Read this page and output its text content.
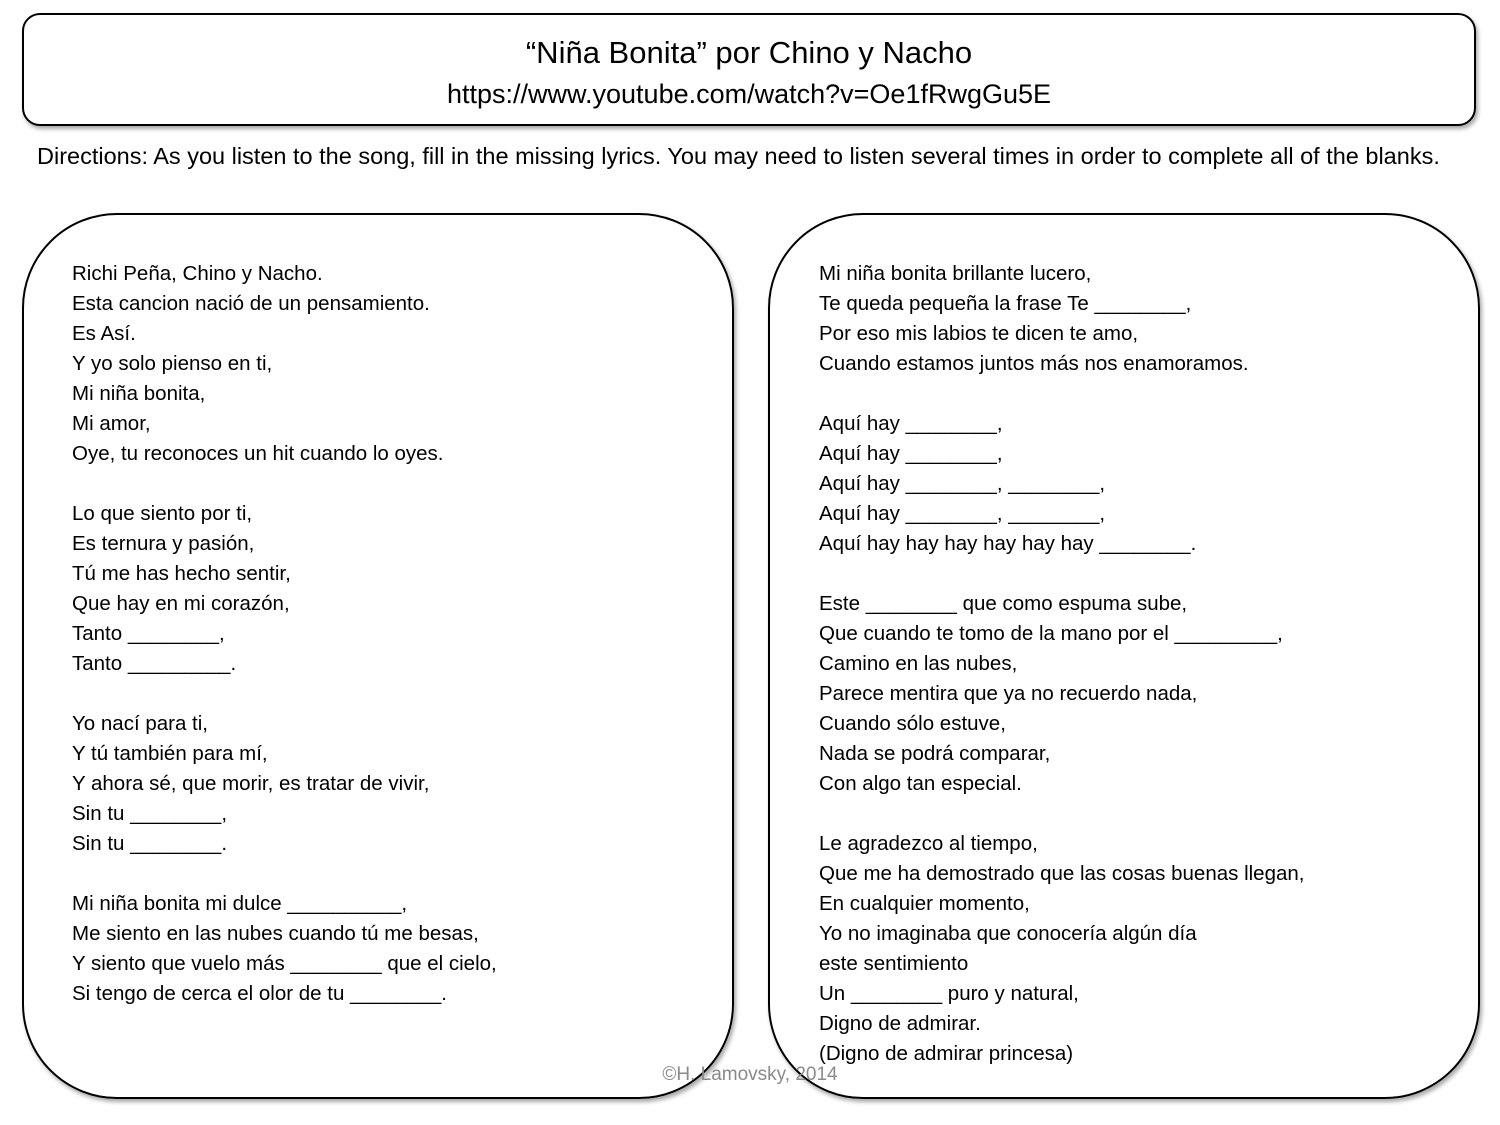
“Niña Bonita” por Chino y Nacho
https://www.youtube.com/watch?v=Oe1fRwgGu5E
Directions: As you listen to the song, fill in the missing lyrics. You may need to listen several times in order to complete all of the blanks.
Richi Peña, Chino y Nacho.
Esta cancion nació de un pensamiento.
Es Así.
Y yo solo pienso en ti,
Mi niña bonita,
Mi amor,
Oye, tu reconoces un hit cuando lo oyes.
Lo que siento por ti,
Es ternura y pasión,
Tú me has hecho sentir,
Que hay en mi corazón,
Tanto ________,
Tanto _________.
Yo nací para ti,
Y tú también para mí,
Y ahora sé, que morir, es tratar de vivir,
Sin tu ________,
Sin tu ________.
Mi niña bonita mi dulce __________,
Me siento en las nubes cuando tú me besas,
Y siento que vuelo más ________ que el cielo,
Si tengo de cerca el olor de tu ________.
Mi niña bonita brillante lucero,
Te queda pequeña la frase Te ________,
Por eso mis labios te dicen te amo,
Cuando estamos juntos más nos enamoramos.
Aquí hay ________,
Aquí hay ________,
Aquí hay ________, ________,
Aquí hay ________, ________,
Aquí hay hay hay hay hay hay ________.
Este ________ que como espuma sube,
Que cuando te tomo de la mano por el _________,
Camino en las nubes,
Parece mentira que ya no recuerdo nada,
Cuando sólo estuve,
Nada se podrá comparar,
Con algo tan especial.
Le agradezco al tiempo,
Que me ha demostrado que las cosas buenas llegan,
En cualquier momento,
Yo no imaginaba que conocería algún día
este sentimiento
Un ________ puro y natural,
Digno de admirar.
(Digno de admirar princesa)
©H. Lamovsky, 2014
